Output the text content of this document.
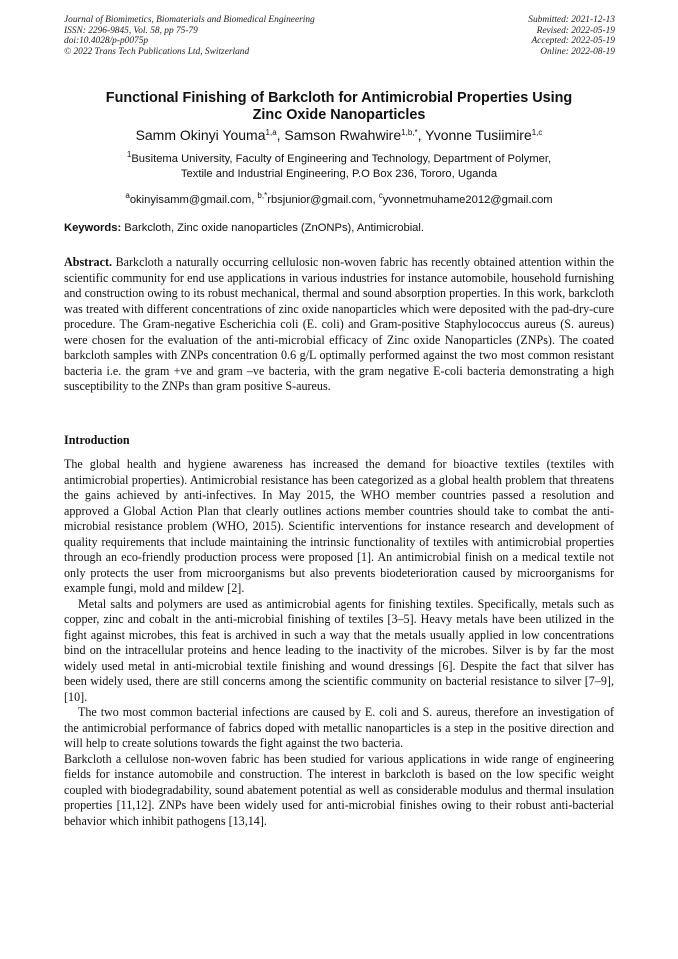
Journal of Biomimetics, Biomaterials and Biomedical Engineering
ISSN: 2296-9845, Vol. 58, pp 75-79
doi:10.4028/p-p0075p
© 2022 Trans Tech Publications Ltd, Switzerland
Submitted: 2021-12-13
Revised: 2022-05-19
Accepted: 2022-05-19
Online: 2022-08-19
Functional Finishing of Barkcloth for Antimicrobial Properties Using
Zinc Oxide Nanoparticles
Samm Okinyi Youma$^{1,a}$, Samson Rwahwire$^{1,b,*}$, Yvonne Tusiimire$^{1,c}$
$^1$Busitema University, Faculty of Engineering and Technology, Department of Polymer,
Textile and Industrial Engineering, P.O Box 236, Tororo, Uganda
$^a$okinyisamm@gmail.com, $^{b,*}$rbsjunior@gmail.com, $^c$yvonnetmuhame2012@gmail.com
Keywords: Barkcloth, Zinc oxide nanoparticles (ZnONPs), Antimicrobial.
Abstract. Barkcloth a naturally occurring cellulosic non-woven fabric has recently obtained attention within the scientific community for end use applications in various industries for instance automobile, household furnishing and construction owing to its robust mechanical, thermal and sound absorption properties. In this work, barkcloth was treated with different concentrations of zinc oxide nanoparticles which were deposited with the pad-dry-cure procedure. The Gram-negative Escherichia coli (E. coli) and Gram-positive Staphylococcus aureus (S. aureus) were chosen for the evaluation of the anti-microbial efficacy of Zinc oxide Nanoparticles (ZNPs). The coated barkcloth samples with ZNPs concentration 0.6 g/L optimally performed against the two most common resistant bacteria i.e. the gram +ve and gram –ve bacteria, with the gram negative E-coli bacteria demonstrating a high susceptibility to the ZNPs than gram positive S-aureus.
Introduction

The global health and hygiene awareness has increased the demand for bioactive textiles (textiles with antimicrobial properties). Antimicrobial resistance has been categorized as a global health problem that threatens the gains achieved by anti-infectives. In May 2015, the WHO member countries passed a resolution and approved a Global Action Plan that clearly outlines actions member countries should take to combat the anti-microbial resistance problem (WHO, 2015). Scientific interventions for instance research and development of quality requirements that include maintaining the intrinsic functionality of textiles with antimicrobial properties through an eco-friendly production process were proposed [1]. An antimicrobial finish on a medical textile not only protects the user from microorganisms but also prevents biodeterioration caused by microorganisms for example fungi, mold and mildew [2].

Metal salts and polymers are used as antimicrobial agents for finishing textiles. Specifically, metals such as copper, zinc and cobalt in the anti-microbial finishing of textiles [3–5]. Heavy metals have been utilized in the fight against microbes, this feat is archived in such a way that the metals usually applied in low concentrations bind on the intracellular proteins and hence leading to the inactivity of the microbes. Silver is by far the most widely used metal in anti-microbial textile finishing and wound dressings [6]. Despite the fact that silver has been widely used, there are still concerns among the scientific community on bacterial resistance to silver [7–9],[10].

The two most common bacterial infections are caused by E. coli and S. aureus, therefore an investigation of the antimicrobial performance of fabrics doped with metallic nanoparticles is a step in the positive direction and will help to create solutions towards the fight against the two bacteria.

Barkcloth a cellulose non-woven fabric has been studied for various applications in wide range of engineering fields for instance automobile and construction. The interest in barkcloth is based on the low specific weight coupled with biodegradability, sound abatement potential as well as considerable modulus and thermal insulation properties [11,12]. ZNPs have been widely used for anti-microbial finishes owing to their robust anti-bacterial behavior which inhibit pathogens [13,14].
